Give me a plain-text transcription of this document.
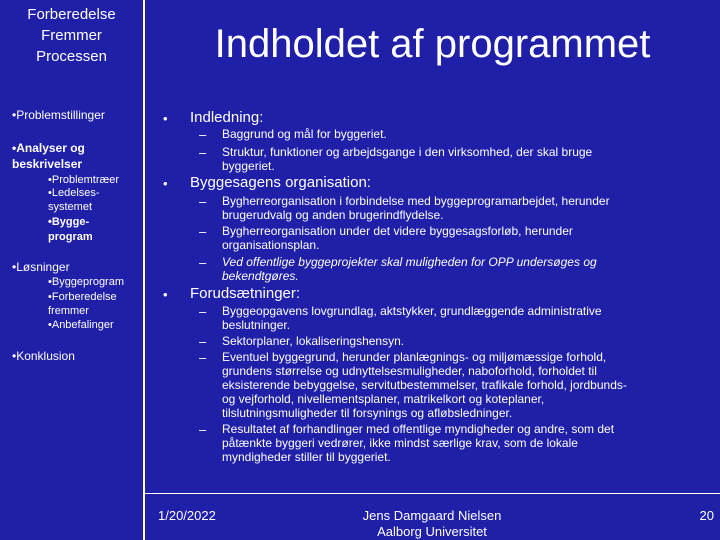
Forberedelse
Fremmer
Processen
•Problemstillinger
•Analyser og
beskrivelser
•Problemtræer
•Ledelses-
systemet
•Bygge-
program
•Løsninger
•Byggeprogram
•Forberedelse
fremmer
•Anbefalinger
•Konklusion
Indholdet af programmet
• Indledning:
– Baggrund og mål for byggeriet.
– Struktur, funktioner og arbejdsgange i den virksomhed, der skal bruge
byggeriet.
• Byggesagens organisation:
– Bygherreorganisation i forbindelse med byggeprogramarbejdet, herunder
brugerudvalg og anden brugerindflydelse.
– Bygherreorganisation under det videre byggesagsforløb, herunder
organisationsplan.
– Ved offentlige byggeprojekter skal muligheden for OPP undersøges og
bekendtgøres.
• Forudsætninger:
– Byggeopgavens lovgrundlag, aktstykker, grundlæggende administrative
beslutninger.
– Sektorplaner, lokaliseringshensyn.
– Eventuel byggegrund, herunder planlægnings- og miljømæssige forhold,
grundens størrelse og udnyttelsesmuligheder, naboforhold, forholdet til
eksisterende bebyggelse, servitutbestemmelser, trafikale forhold, jordbunds-
og vejforhold, nivellementsplaner, matrikelkort og koteplaner,
tilslutningsmuligheder til forsynings og afløbsledninger.
– Resultatet af forhandlinger med offentlige myndigheder og andre, som det
påtænkte byggeri vedrører, ikke mindst særlige krav, som de lokale
myndigheder stiller til byggeriet.
1/20/2022	Jens Damgaard Nielsen
Aalborg Universitet
20
